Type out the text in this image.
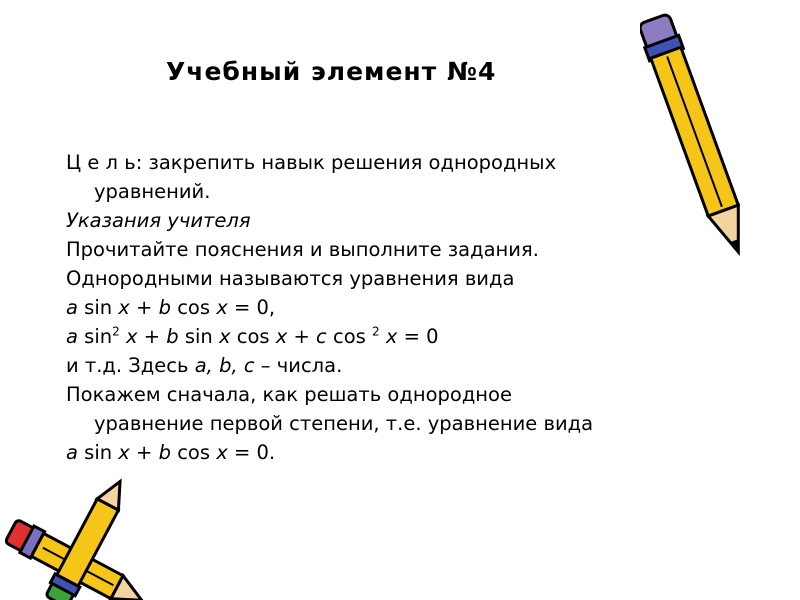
Учебный элемент №4
Ц е л ь: закрепить навык решения однородных
уравнений.
Указания учителя
Прочитайте пояснения и выполните задания.
Однородными называются уравнения вида
a sin x + b cos x = 0,
a $\sin^2 x + b$ sin x cos x + c cos $^2$ x = 0
и т.д. Здесь a, b, c – числа.
Покажем сначала, как решать однородное
уравнение первой степени, т.е. уравнение вида
a sin x + b cos x = 0.
